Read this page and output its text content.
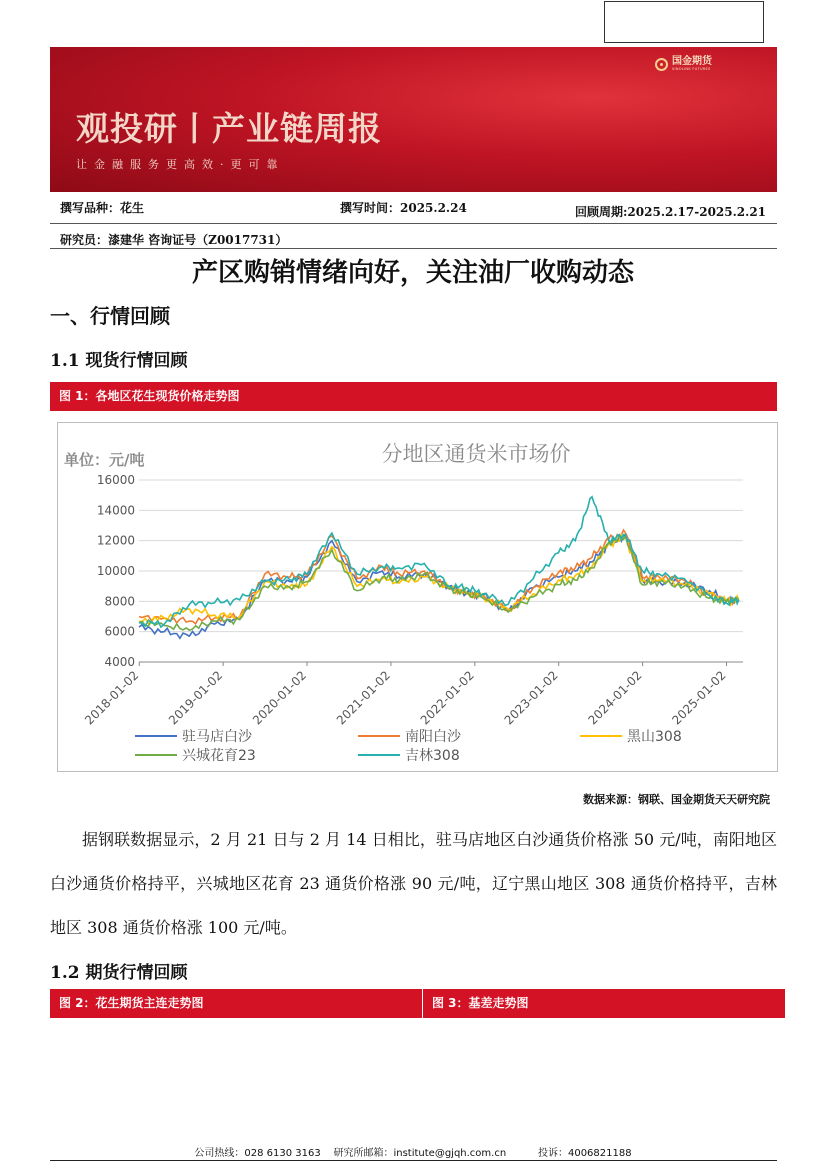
国金期货
SINOLINK FUTURES
观投研丨产业链周报
让金融服务更高效·更可靠
撰写品种：花生	撰写时间：2025.2.24	回顾周期:2025.2.17-2025.2.21
研究员：漆建华 咨询证号（Z0017731）
产区购销情绪向好，关注油厂收购动态
一、行情回顾
1.1 现货行情回顾
图 1：各地区花生现货价格走势图
分地区通货米市场价
单位：元/吨
4000
6000
8000
10000
12000
14000
16000
2018-01-02 2019-01-02 2020-01-02 2021-01-02 2022-01-02 2023-01-02 2024-01-02 2025-01-02
驻马店白沙	南阳白沙	黑山308
兴城花育23	吉林308
数据来源：钢联、国金期货天天研究院

据钢联数据显示，2 月 21 日与 2 月 14 日相比，驻马店地区白沙通货价格涨 50 元/吨，南阳地区白沙通货价格持平，兴城地区花育 23 通货价格涨 90 元/吨，辽宁黑山地区 308 通货价格持平，吉林地区 308 通货价格涨 100 元/吨。

1.2 期货行情回顾
图 2：花生期货主连走势图	图 3：基差走势图
公司热线：028 6130 3163    研究所邮箱：institute@gjqh.com.cn          投诉：4006821188
